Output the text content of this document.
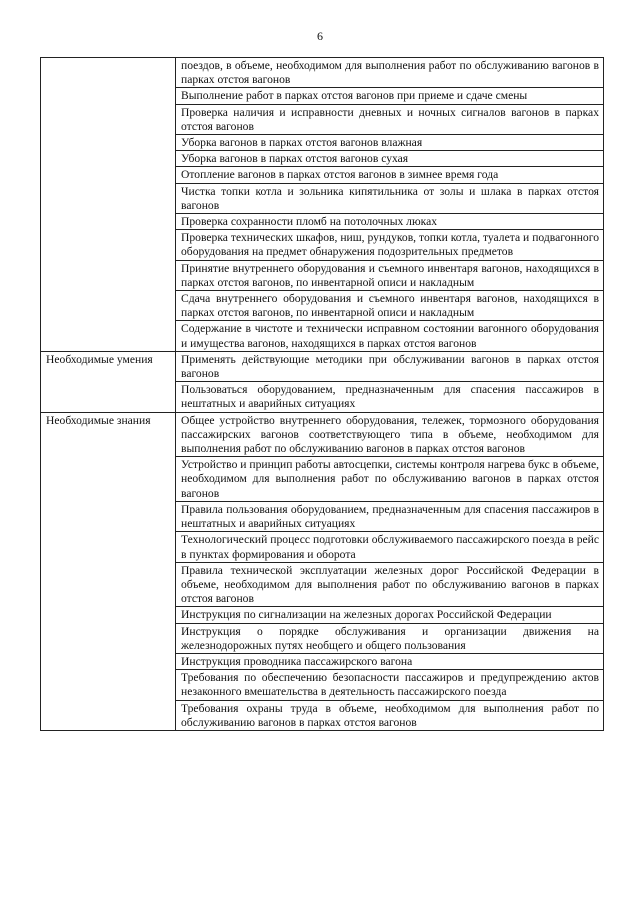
6
	поездов, в объеме, необходимом для выполнения работ по обслуживанию вагонов в парках отстоя вагонов
	Выполнение работ в парках отстоя вагонов при приеме и сдаче смены
	Проверка наличия и исправности дневных и ночных сигналов вагонов в парках отстоя вагонов
	Уборка вагонов в парках отстоя вагонов влажная
	Уборка вагонов в парках отстоя вагонов сухая
	Отопление вагонов в парках отстоя вагонов в зимнее время года
	Чистка топки котла и зольника кипятильника от золы и шлака в парках отстоя вагонов
	Проверка сохранности пломб на потолочных люках
	Проверка технических шкафов, ниш, рундуков, топки котла, туалета и подвагонного оборудования на предмет обнаружения подозрительных предметов
	Принятие внутреннего оборудования и съемного инвентаря вагонов, находящихся в парках отстоя вагонов, по инвентарной описи и накладным
	Сдача внутреннего оборудования и съемного инвентаря вагонов, находящихся в парках отстоя вагонов, по инвентарной описи и накладным
	Содержание в чистоте и технически исправном состоянии вагонного оборудования и имущества вагонов, находящихся в парках отстоя вагонов
Необходимые умения	Применять действующие методики при обслуживании вагонов в парках отстоя вагонов
	Пользоваться оборудованием, предназначенным для спасения пассажиров в нештатных и аварийных ситуациях
Необходимые знания	Общее устройство внутреннего оборудования, тележек, тормозного оборудования пассажирских вагонов соответствующего типа в объеме, необходимом для выполнения работ по обслуживанию вагонов в парках отстоя вагонов
	Устройство и принцип работы автосцепки, системы контроля нагрева букс в объеме, необходимом для выполнения работ по обслуживанию вагонов в парках отстоя вагонов
	Правила пользования оборудованием, предназначенным для спасения пассажиров в нештатных и аварийных ситуациях
	Технологический процесс подготовки обслуживаемого пассажирского поезда в рейс в пунктах формирования и оборота
	Правила технической эксплуатации железных дорог Российской Федерации в объеме, необходимом для выполнения работ по обслуживанию вагонов в парках отстоя вагонов
	Инструкция по сигнализации на железных дорогах Российской Федерации
	Инструкция о порядке обслуживания и организации движения на железнодорожных путях необщего и общего пользования
	Инструкция проводника пассажирского вагона
	Требования по обеспечению безопасности пассажиров и предупреждению актов незаконного вмешательства в деятельность пассажирского поезда
	Требования охраны труда в объеме, необходимом для выполнения работ по обслуживанию вагонов в парках отстоя вагонов
